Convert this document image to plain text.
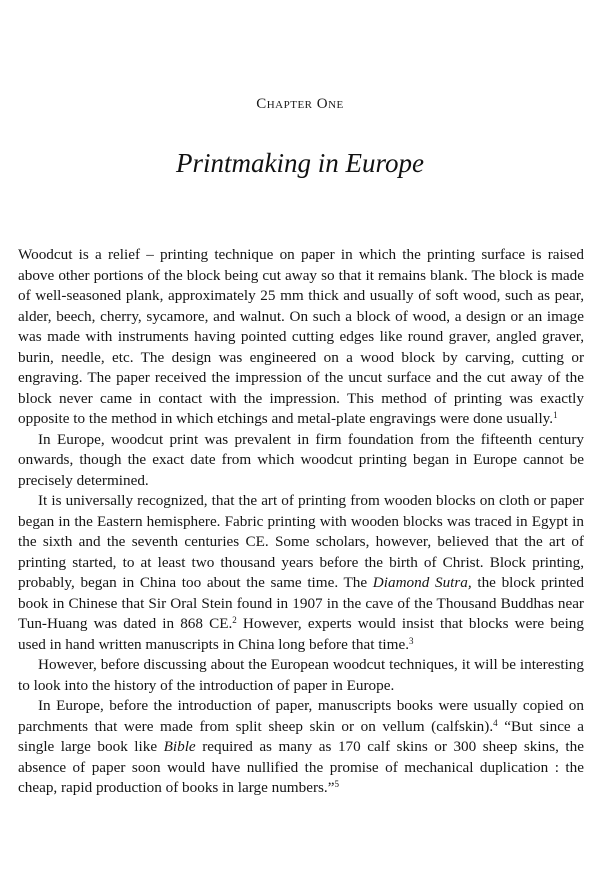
Chapter One
Printmaking in Europe

Woodcut is a relief – printing technique on paper in which the printing surface is raised above other portions of the block being cut away so that it remains blank. The block is made of well-seasoned plank, approximately 25 mm thick and usually of soft wood, such as pear, alder, beech, cherry, sycamore, and walnut. On such a block of wood, a design or an image was made with instruments having pointed cutting edges like round graver, angled graver, burin, needle, etc. The design was engineered on a wood block by carving, cutting or engraving. The paper received the impression of the uncut surface and the cut away of the block never came in contact with the impression. This method of printing was exactly opposite to the method in which etchings and metal-plate engravings were done usually.$^1$

In Europe, woodcut print was prevalent in firm foundation from the fifteenth century onwards, though the exact date from which woodcut printing began in Europe cannot be precisely determined.

It is universally recognized, that the art of printing from wooden blocks on cloth or paper began in the Eastern hemisphere. Fabric printing with wooden blocks was traced in Egypt in the sixth and the seventh centuries CE. Some scholars, however, believed that the art of printing started, to at least two thousand years before the birth of Christ. Block printing, probably, began in China too about the same time. The Diamond Sutra, the block printed book in Chinese that Sir Oral Stein found in 1907 in the cave of the Thousand Buddhas near Tun-Huang was dated in 868 CE.$^2$ However, experts would insist that blocks were being used in hand written manuscripts in China long before that time.$^3$

However, before discussing about the European woodcut techniques, it will be interesting to look into the history of the introduction of paper in Europe.

In Europe, before the introduction of paper, manuscripts books were usually copied on parchments that were made from split sheep skin or on vellum (calfskin).$^4$ “But since a single large book like Bible required as many as 170 calf skins or 300 sheep skins, the absence of paper soon would have nullified the promise of mechanical duplication : the cheap, rapid production of books in large numbers.”$^5$
